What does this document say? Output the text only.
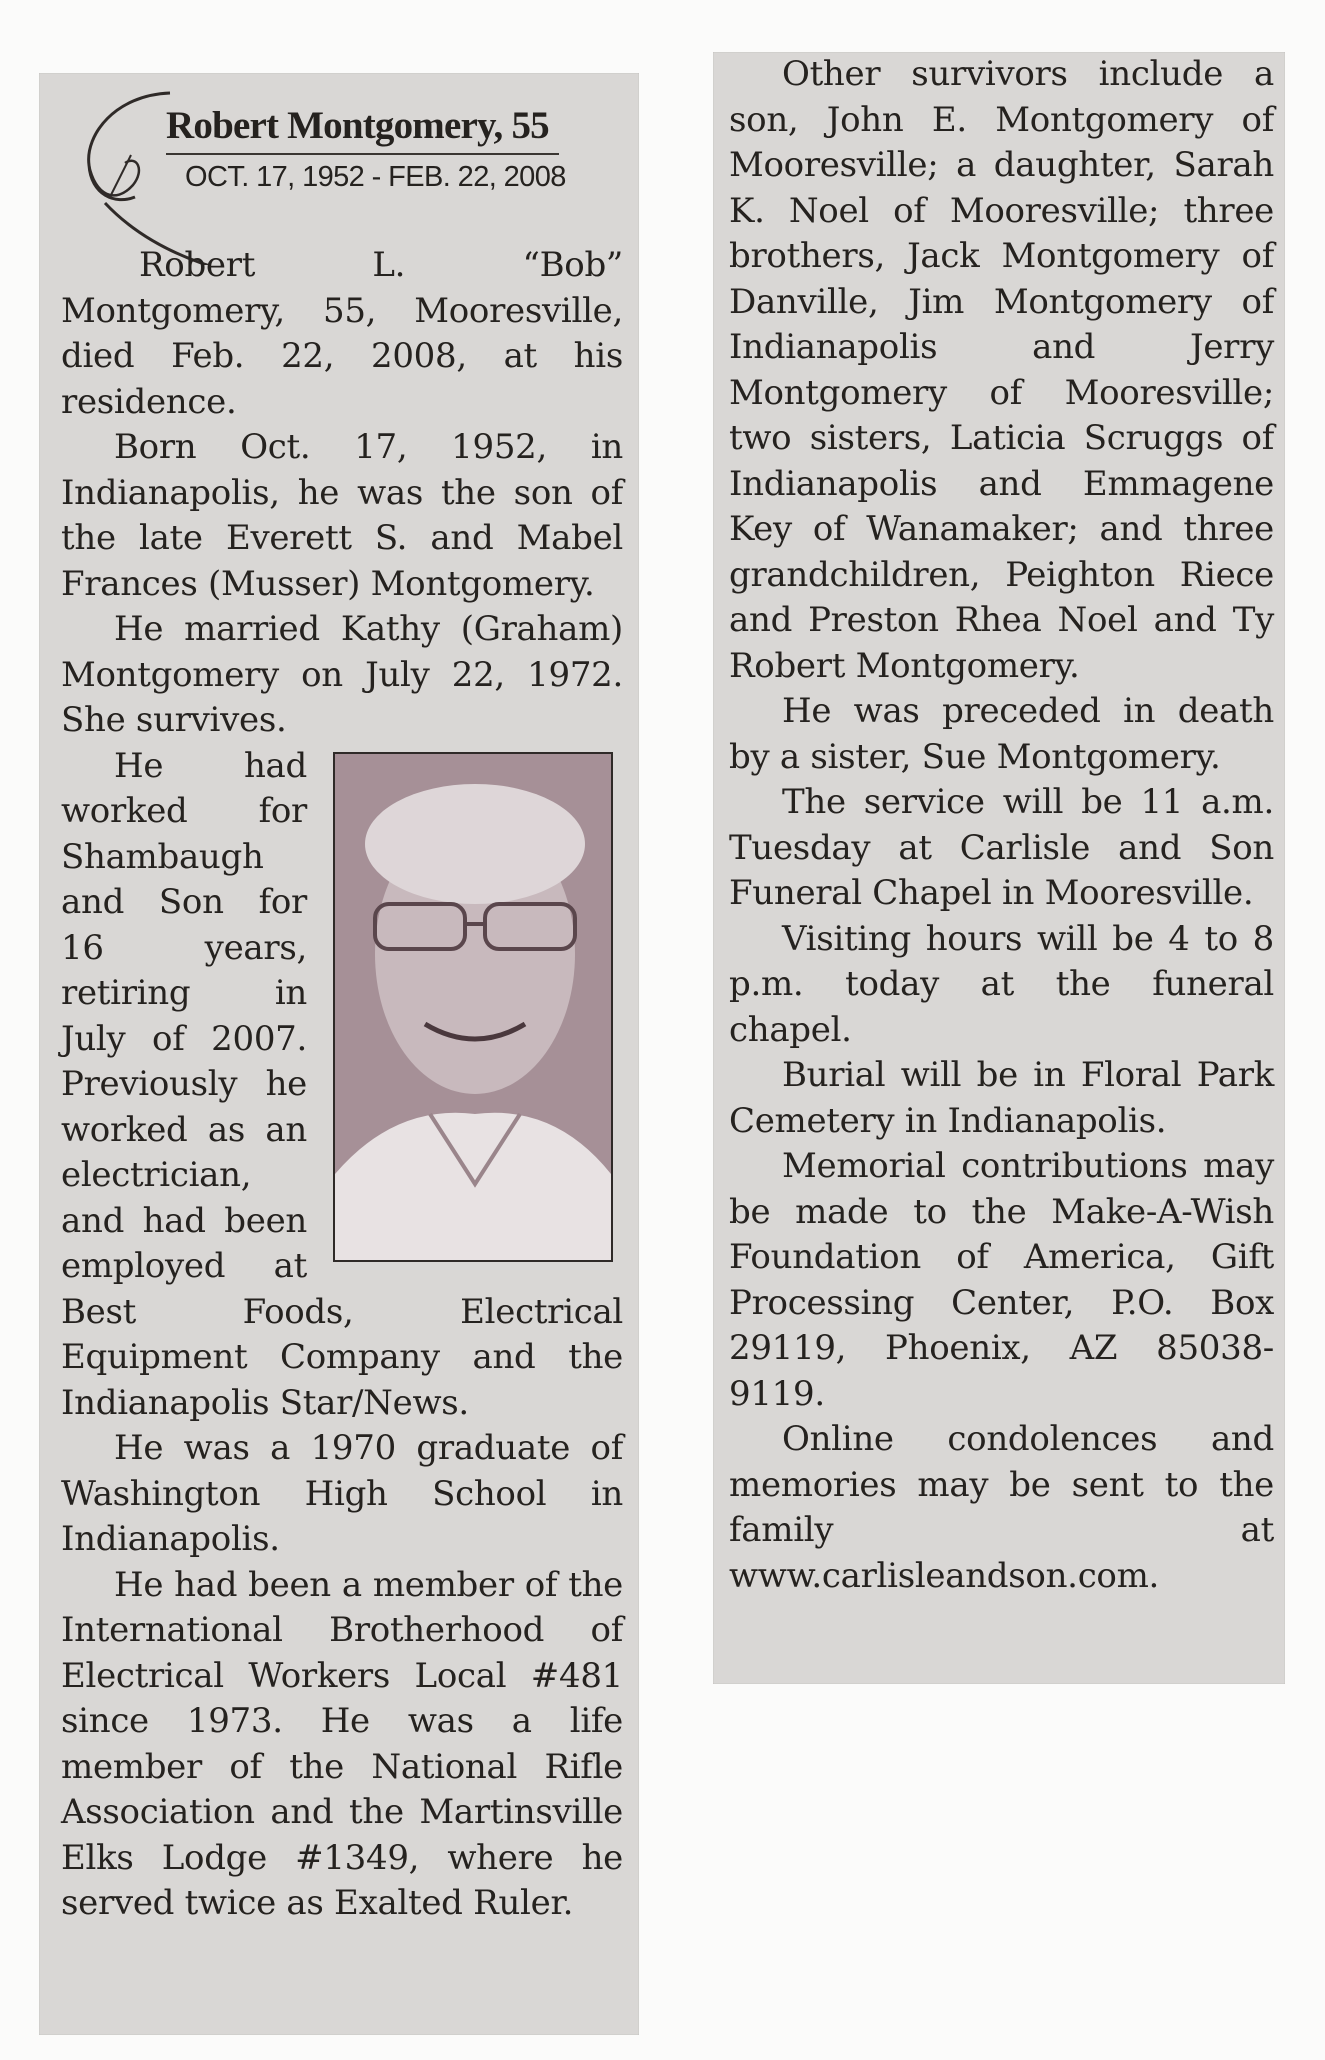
Robert Montgomery, 55
OCT. 17, 1952 - FEB. 22, 2008

Robert L. “Bob” Montgomery, 55, Mooresville, died Feb. 22, 2008, at his residence.

Born Oct. 17, 1952, in Indianapolis, he was the son of the late Everett S. and Mabel Frances (Musser) Montgomery.

He married Kathy (Graham) Montgomery on July 22, 1972. She survives.

He had worked for Shambaugh and Son for 16 years, retiring in July of 2007. Previously he worked as an electrician, and had been employed at Best Foods, Electrical Equipment Company and the Indianapolis Star/News.

He was a 1970 graduate of Washington High School in Indianapolis.

He had been a member of the International Brotherhood of Electrical Workers Local #481 since 1973. He was a life member of the National Rifle Association and the Martinsville Elks Lodge #1349, where he served twice as Exalted Ruler.

Other survivors include a son, John E. Montgomery of Mooresville; a daughter, Sarah K. Noel of Mooresville; three brothers, Jack Montgomery of Danville, Jim Montgomery of Indianapolis and Jerry Montgomery of Mooresville; two sisters, Laticia Scruggs of Indianapolis and Emmagene Key of Wanamaker; and three grandchildren, Peighton Riece and Preston Rhea Noel and Ty Robert Montgomery.

He was preceded in death by a sister, Sue Montgomery.

The service will be 11 a.m. Tuesday at Carlisle and Son Funeral Chapel in Mooresville.

Visiting hours will be 4 to 8 p.m. today at the funeral chapel.

Burial will be in Floral Park Cemetery in Indianapolis.

Memorial contributions may be made to the Make-A-Wish Foundation of America, Gift Processing Center, P.O. Box 29119, Phoenix, AZ 85038-9119.

Online condolences and memories may be sent to the family at www.carlisleandson.com.
